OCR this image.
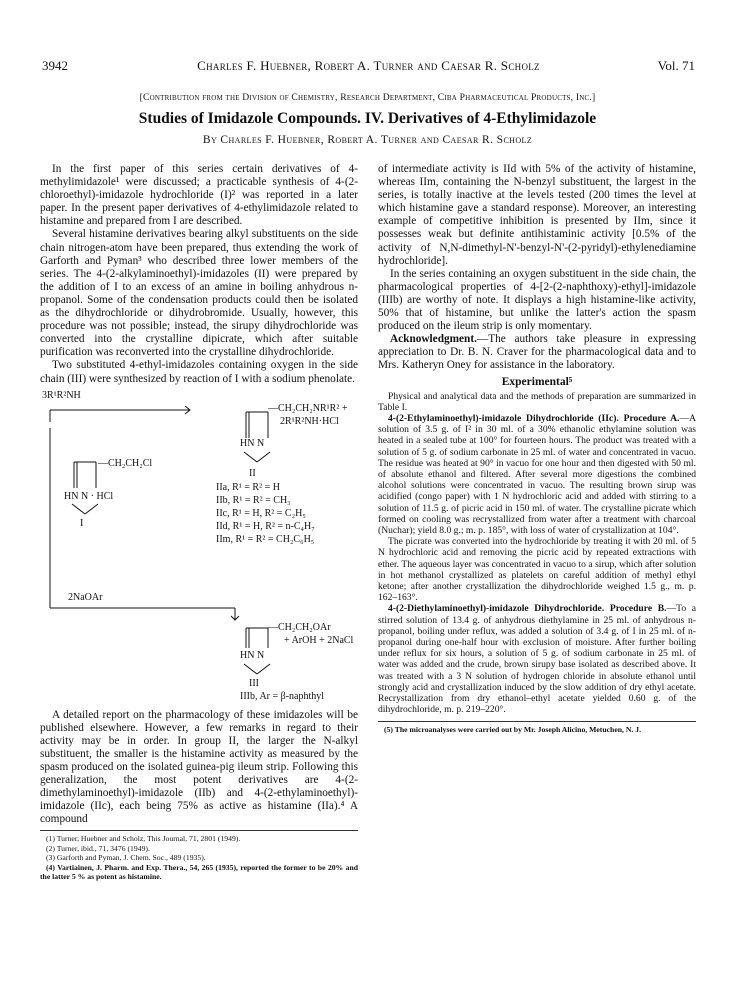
3942	Charles F. Huebner, Robert A. Turner and Caesar R. Scholz	Vol. 71
[Contribution from the Division of Chemistry, Research Department, Ciba Pharmaceutical Products, Inc.]
Studies of Imidazole Compounds. IV. Derivatives of 4-Ethylimidazole
By Charles F. Huebner, Robert A. Turner and Caesar R. Scholz

In the first paper of this series certain derivatives of 4-methylimidazole¹ were discussed; a practicable synthesis of 4-(2-chloroethyl)-imidazole hydrochloride (I)² was reported in a later paper. In the present paper derivatives of 4-ethylimidazole related to histamine and prepared from I are described.

Several histamine derivatives bearing alkyl substituents on the side chain nitrogen-atom have been prepared, thus extending the work of Garforth and Pyman³ who described three lower members of the series. The 4-(2-alkylaminoethyl)-imidazoles (II) were prepared by the addition of I to an excess of an amine in boiling anhydrous n-propanol. Some of the condensation products could then be isolated as the dihydrochloride or dihydrobromide. Usually, however, this procedure was not possible; instead, the sirupy dihydrochloride was converted into the crystalline dipicrate, which after suitable purification was reconverted into the crystalline dihydrochloride.

Two substituted 4-ethyl-imidazoles containing oxygen in the side chain (III) were synthesized by reaction of I with a sodium phenolate.

3R¹R²NH
—CH₂CH₂NR¹R² +
2R¹R²NH·HCl
HN N
—CH₂CH₂Cl
II
IIa, R¹ = R² = H
HN N · HCl	IIb, R¹ = R² = CH₃
IIc, R¹ = H, R² = C₂H₅
I	IId, R¹ = H, R² = n-C₄H₇
IIm, R¹ = R² = CH₂C₆H₅
2NaOAr
—CH₂CH₂OAr
+ ArOH + 2NaCl
HN N
III
IIIb, Ar = β-naphthyl

A detailed report on the pharmacology of these imidazoles will be published elsewhere. However, a few remarks in regard to their activity may be in order. In group II, the larger the N-alkyl substituent, the smaller is the histamine activity as measured by the spasm produced on the isolated guinea-pig ileum strip. Following this generalization, the most potent derivatives are 4-(2-dimethylaminoethyl)-imidazole (IIb) and 4-(2-ethylaminoethyl)-imidazole (IIc), each being 75% as active as histamine (IIa).⁴ A compound

(1) Turner, Huebner and Scholz, This Journal, 71, 2801 (1949).
(2) Turner, ibid., 71, 3476 (1949).
(3) Garforth and Pyman, J. Chem. Soc., 489 (1935).
(4) Vartiainen, J. Pharm. and Exp. Thera., 54, 265 (1935), reported the former to be 20% and the latter 5 % as potent as histamine.

of intermediate activity is IId with 5% of the activity of histamine, whereas IIm, containing the N-benzyl substituent, the largest in the series, is totally inactive at the levels tested (200 times the level at which histamine gave a standard response). Moreover, an interesting example of competitive inhibition is presented by IIm, since it possesses weak but definite antihistaminic activity [0.5% of the activity of N,N-dimethyl-N'-benzyl-N'-(2-pyridyl)-ethylenediamine hydrochloride].

In the series containing an oxygen substituent in the side chain, the pharmacological properties of 4-[2-(2-naphthoxy)-ethyl]-imidazole (IIIb) are worthy of note. It displays a high histamine-like activity, 50% that of histamine, but unlike the latter's action the spasm produced on the ileum strip is only momentary.

Acknowledgment.—The authors take pleasure in expressing appreciation to Dr. B. N. Craver for the pharmacological data and to Mrs. Katheryn Oney for assistance in the laboratory.

Experimental⁵

Physical and analytical data and the methods of preparation are summarized in Table I.

4-(2-Ethylaminoethyl)-imidazole Dihydrochloride (IIc). Procedure A.—A solution of 3.5 g. of I² in 30 ml. of a 30% ethanolic ethylamine solution was heated in a sealed tube at 100° for fourteen hours. The product was treated with a solution of 5 g. of sodium carbonate in 25 ml. of water and concentrated in vacuo. The residue was heated at 90° in vacuo for one hour and then digested with 50 ml. of absolute ethanol and filtered. After several more digestions the combined alcohol solutions were concentrated in vacuo. The resulting brown sirup was acidified (congo paper) with 1 N hydrochloric acid and added with stirring to a solution of 11.5 g. of picric acid in 150 ml. of water. The crystalline picrate which formed on cooling was recrystallized from water after a treatment with charcoal (Nuchar); yield 8.0 g.; m. p. 185°, with loss of water of crystallization at 104°.

The picrate was converted into the hydrochloride by treating it with 20 ml. of 5 N hydrochloric acid and removing the picric acid by repeated extractions with ether. The aqueous layer was concentrated in vacuo to a sirup, which after solution in hot methanol crystallized as platelets on careful addition of methyl ethyl ketone; after another crystallization the dihydrochloride weighed 1.5 g., m. p. 162–163°.

4-(2-Diethylaminoethyl)-imidazole Dihydrochloride. Procedure B.—To a stirred solution of 13.4 g. of anhydrous diethylamine in 25 ml. of anhydrous n-propanol, boiling under reflux, was added a solution of 3.4 g. of I in 25 ml. of n-propanol during one-half hour with exclusion of moisture. After further boiling under reflux for six hours, a solution of 5 g. of sodium carbonate in 25 ml. of water was added and the crude, brown sirupy base isolated as described above. It was treated with a 3 N solution of hydrogen chloride in absolute ethanol until strongly acid and crystallization induced by the slow addition of dry ethyl acetate. Recrystallization from dry ethanol–ethyl acetate yielded 0.60 g. of the dihydrochloride, m. p. 219–220°.

(5) The microanalyses were carried out by Mr. Joseph Alicino, Metuchen, N. J.
